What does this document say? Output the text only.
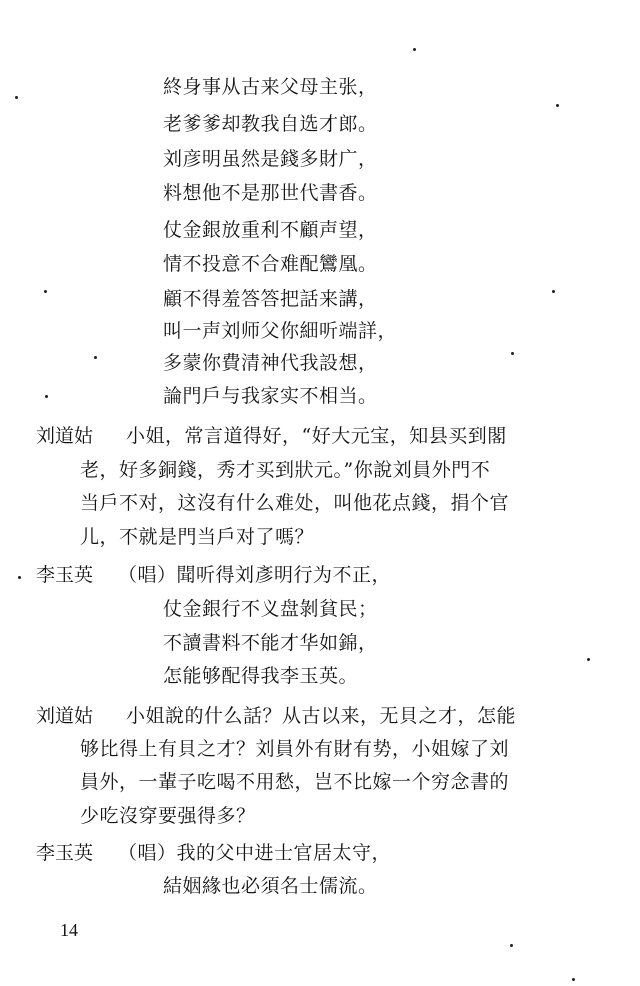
終身事从古来父母主张，
老爹爹却教我自选才郎。
刘彦明虽然是錢多財广，
料想他不是那世代書香。
仗金銀放重利不顧声望，
情不投意不合难配鸞凰。
顧不得羞答答把話来講，
叫一声刘师父你細听端詳，
多蒙你費清神代我設想，
論門戶与我家实不相当。
刘道姑 小姐，常言道得好，“好大元宝，知县买到閣
老，好多銅錢，秀才买到狀元。”你說刘員外門不
当戶不对，这沒有什么难处，叫他花点錢，捐个官
儿，不就是門当戶对了嗎？
李玉英 （唱）聞听得刘彥明行为不正，
仗金銀行不义盘剝貧民；
不讀書料不能才华如錦，
怎能够配得我李玉英。
刘道姑 小姐說的什么話？从古以来，无貝之才，怎能
够比得上有貝之才？刘員外有財有势，小姐嫁了刘
員外，一輩子吃喝不用愁，岂不比嫁一个穷念書的
少吃沒穿要强得多？
李玉英 （唱）我的父中进士官居太守，
結姻緣也必須名士儒流。
14
